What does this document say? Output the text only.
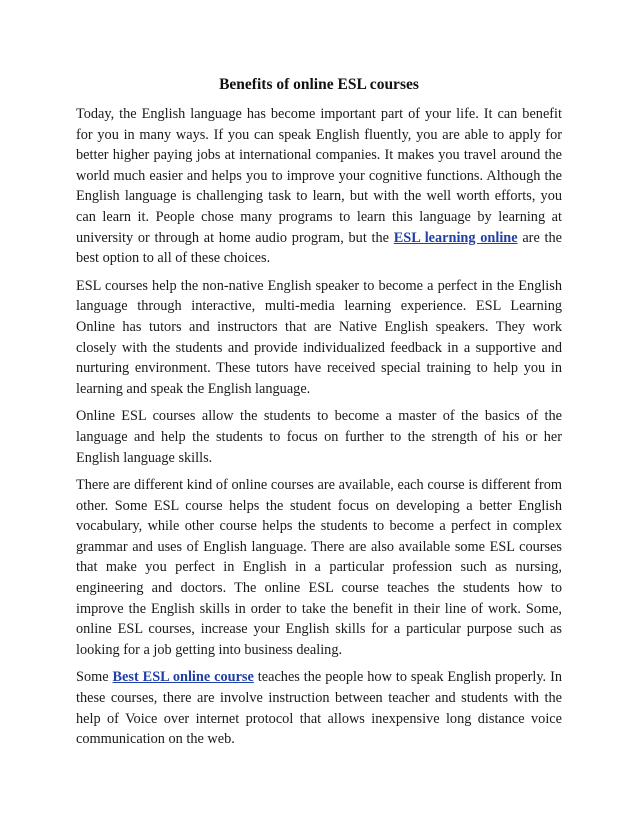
Benefits of online ESL courses

Today, the English language has become important part of your life. It can benefit for you in many ways. If you can speak English fluently, you are able to apply for better higher paying jobs at international companies. It makes you travel around the world much easier and helps you to improve your cognitive functions. Although the English language is challenging task to learn, but with the well worth efforts, you can learn it. People chose many programs to learn this language by learning at university or through at home audio program, but the ESL learning online are the best option to all of these choices.

ESL courses help the non-native English speaker to become a perfect in the English language through interactive, multi-media learning experience. ESL Learning Online has tutors and instructors that are Native English speakers. They work closely with the students and provide individualized feedback in a supportive and nurturing environment. These tutors have received special training to help you in learning and speak the English language.

Online ESL courses allow the students to become a master of the basics of the language and help the students to focus on further to the strength of his or her English language skills.

There are different kind of online courses are available, each course is different from other. Some ESL course helps the student focus on developing a better English vocabulary, while other course helps the students to become a perfect in complex grammar and uses of English language. There are also available some ESL courses that make you perfect in English in a particular profession such as nursing, engineering and doctors. The online ESL course teaches the students how to improve the English skills in order to take the benefit in their line of work. Some, online ESL courses, increase your English skills for a particular purpose such as looking for a job getting into business dealing.

Some Best ESL online course teaches the people how to speak English properly. In these courses, there are involve instruction between teacher and students with the help of Voice over internet protocol that allows inexpensive long distance voice communication on the web.
